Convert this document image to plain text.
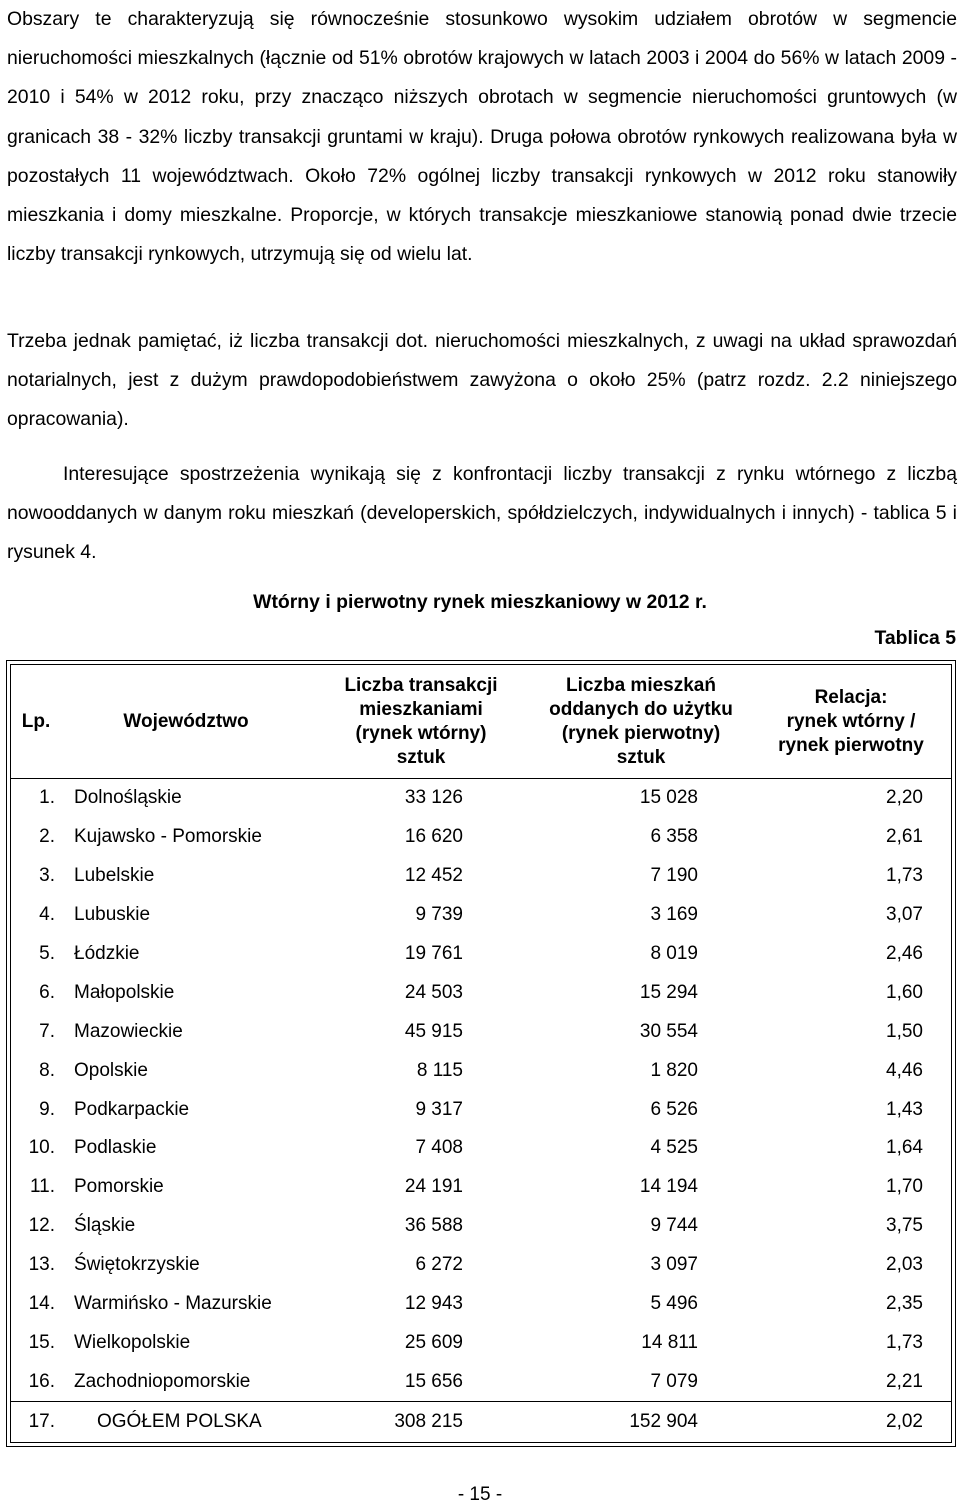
Obszary te charakteryzują się równocześnie stosunkowo wysokim udziałem obrotów w segmencie nieruchomości mieszkalnych (łącznie od 51% obrotów krajowych w latach 2003 i 2004 do 56% w latach 2009 - 2010 i 54% w 2012 roku, przy znacząco niższych obrotach w segmencie nieruchomości gruntowych (w granicach 38 - 32% liczby transakcji gruntami w kraju). Druga połowa obrotów rynkowych realizowana była w pozostałych 11 województwach. Około 72% ogólnej liczby transakcji rynkowych w 2012 roku stanowiły mieszkania i domy mieszkalne. Proporcje, w których transakcje mieszkaniowe stanowią ponad dwie trzecie liczby transakcji rynkowych, utrzymują się od wielu lat.

Trzeba jednak pamiętać, iż liczba transakcji dot. nieruchomości mieszkalnych, z uwagi na układ sprawozdań notarialnych, jest z dużym prawdopodobieństwem zawyżona o około 25% (patrz rozdz. 2.2 niniejszego opracowania).

Interesujące spostrzeżenia wynikają się z konfrontacji liczby transakcji z rynku wtórnego z liczbą nowooddanych w danym roku mieszkań (developerskich, spółdzielczych, indywidualnych i innych) - tablica 5 i rysunek 4.

Wtórny i pierwotny rynek mieszkaniowy w 2012 r.

Tablica 5

Lp.	Województwo	Liczba transakcji
mieszkaniami
(rynek wtórny)
sztuk	Liczba mieszkań
oddanych do użytku
(rynek pierwotny)
sztuk	Relacja:
rynek wtórny /
rynek pierwotny

1.	Dolnośląskie	33 126	15 028	2,20
2.	Kujawsko - Pomorskie	16 620	6 358	2,61
3.	Lubelskie	12 452	7 190	1,73
4.	Lubuskie	9 739	3 169	3,07
5.	Łódzkie	19 761	8 019	2,46
6.	Małopolskie	24 503	15 294	1,60
7.	Mazowieckie	45 915	30 554	1,50
8.	Opolskie	8 115	1 820	4,46
9.	Podkarpackie	9 317	6 526	1,43
10.	Podlaskie	7 408	4 525	1,64
11.	Pomorskie	24 191	14 194	1,70
12.	Śląskie	36 588	9 744	3,75
13.	Świętokrzyskie	6 272	3 097	2,03
14.	Warmińsko - Mazurskie	12 943	5 496	2,35
15.	Wielkopolskie	25 609	14 811	1,73
16.	Zachodniopomorskie	15 656	7 079	2,21
17.	OGÓŁEM POLSKA	308 215	152 904	2,02

- 15 -
